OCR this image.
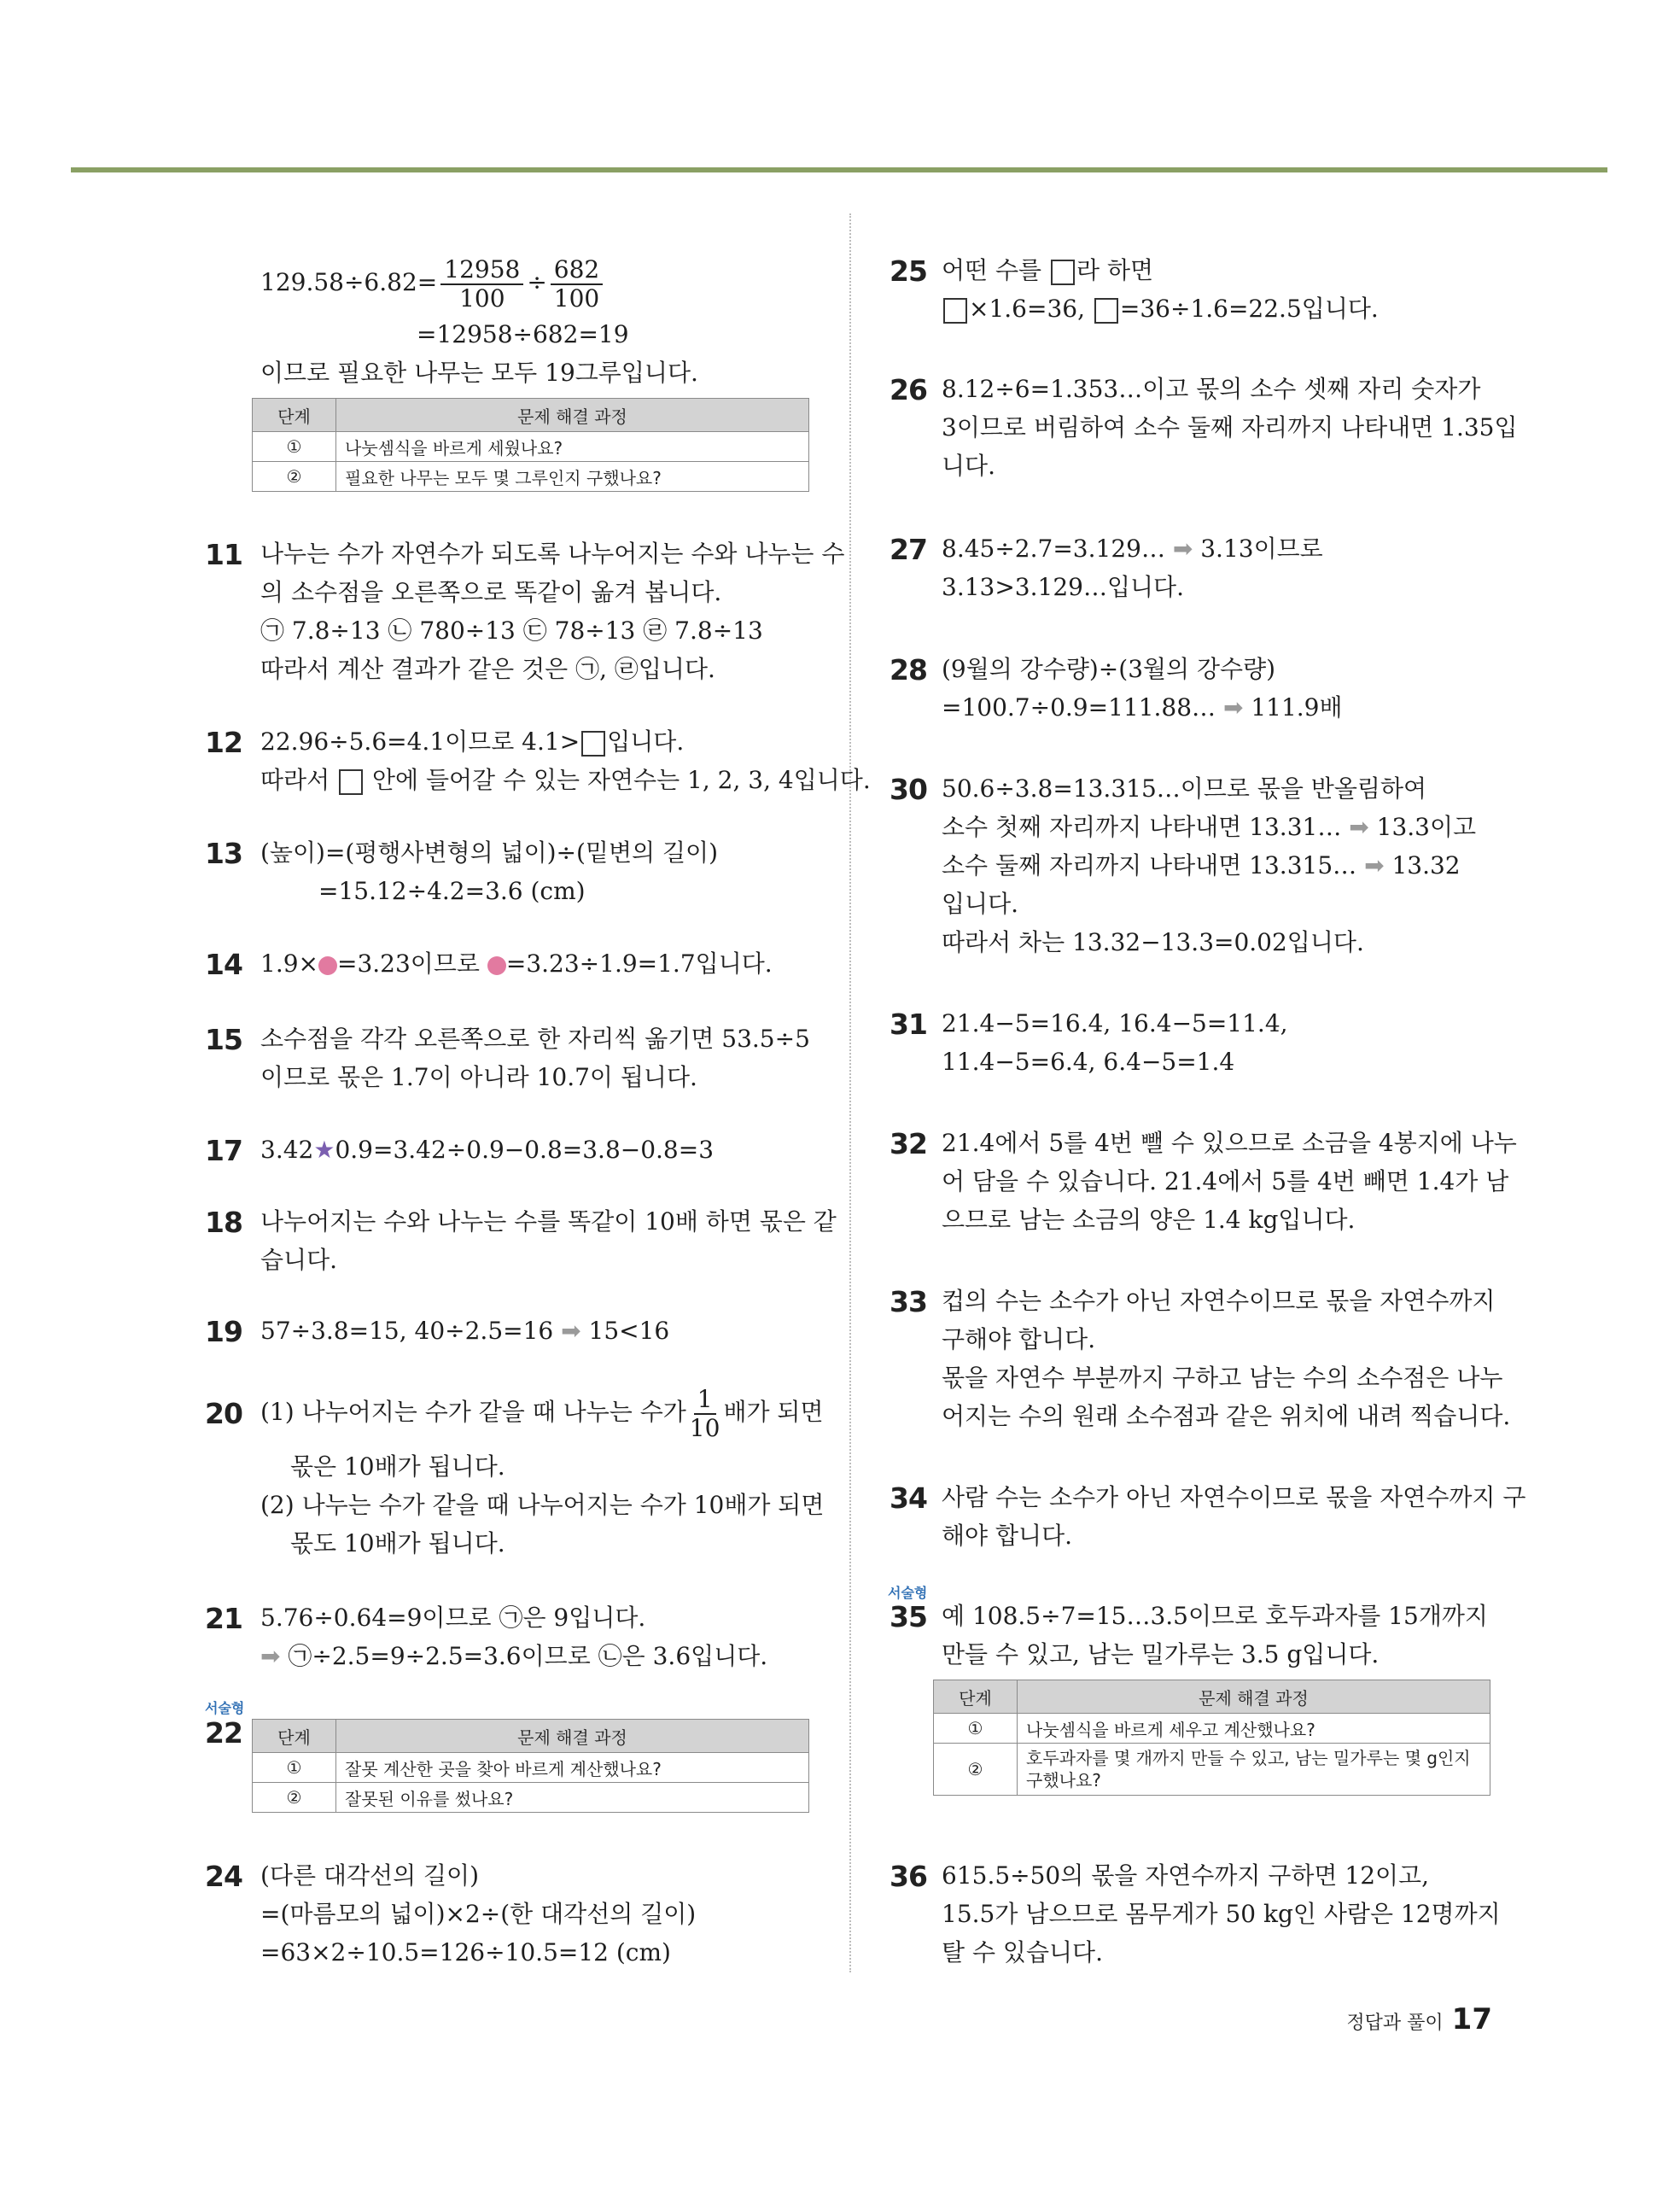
$129.58\div 6.82= \frac{12958}{100} \div \frac{682}{100}$
=12958÷682=19
이므로 필요한 나무는 모두 19그루입니다.
단계	문제 해결 과정
①	나눗셈식을 바르게 세웠나요?
②	필요한 나무는 모두 몇 그루인지 구했나요?
11 나누는 수가 자연수가 되도록 나누어지는 수와 나누는 수
의 소수점을 오른쪽으로 똑같이 옮겨 봅니다.
㉠ 7.8÷13 ㉡ 780÷13 ㉢ 78÷13 ㉣ 7.8÷13
따라서 계산 결과가 같은 것은 ㉠, ㉣입니다.
12 22.96÷5.6=4.1이므로 4.1> 입니다.
따라서 안에 들어갈 수 있는 자연수는 1, 2, 3, 4입니다.
13 (높이)=(평행사변형의 넓이)÷(밑변의 길이)
=15.12÷4.2=3.6 (cm)
14 1.9× =3.23이므로 =3.23÷1.9=1.7입니다.
15 소수점을 각각 오른쪽으로 한 자리씩 옮기면 53.5÷5
이므로 몫은 1.7이 아니라 10.7이 됩니다.
17 3.42★0.9=3.42÷0.9−0.8=3.8−0.8=3
18 나누어지는 수와 나누는 수를 똑같이 10배 하면 몫은 같
습니다.
19 57÷3.8=15, 40÷2.5=16 ➡ 15<16
20 (1) 나누어지는 수가 같을 때 나누는 수가 $\frac{1}{10}$ 배가 되면
몫은 10배가 됩니다.
(2) 나누는 수가 같을 때 나누어지는 수가 10배가 되면
몫도 10배가 됩니다.
21 5.76÷0.64=9이므로 ㉠은 9입니다.
➡ ㉠÷2.5=9÷2.5=3.6이므로 ㉡은 3.6입니다.
서술형
22 단계	문제 해결 과정
①	잘못 계산한 곳을 찾아 바르게 계산했나요?
②	잘못된 이유를 썼나요?
24 (다른 대각선의 길이)
=(마름모의 넓이)×2÷(한 대각선의 길이)
=63×2÷10.5=126÷10.5=12 (cm)
25 어떤 수를 라 하면
×1.6=36, =36÷1.6=22.5입니다.
26 8.12÷6=1.353…이고 몫의 소수 셋째 자리 숫자가
3이므로 버림하여 소수 둘째 자리까지 나타내면 1.35입
니다.
27 8.45÷2.7=3.129… ➡ 3.13이므로
3.13>3.129…입니다.
28 (9월의 강수량)÷(3월의 강수량)
=100.7÷0.9=111.88… ➡ 111.9배
30 50.6÷3.8=13.315…이므로 몫을 반올림하여
소수 첫째 자리까지 나타내면 13.31… ➡ 13.3이고
소수 둘째 자리까지 나타내면 13.315… ➡ 13.32
입니다.
따라서 차는 13.32−13.3=0.02입니다.
31 21.4−5=16.4, 16.4−5=11.4,
11.4−5=6.4, 6.4−5=1.4
32 21.4에서 5를 4번 뺄 수 있으므로 소금을 4봉지에 나누
어 담을 수 있습니다. 21.4에서 5를 4번 빼면 1.4가 남
으므로 남는 소금의 양은 1.4 kg입니다.
33 컵의 수는 소수가 아닌 자연수이므로 몫을 자연수까지
구해야 합니다.
몫을 자연수 부분까지 구하고 남는 수의 소수점은 나누
어지는 수의 원래 소수점과 같은 위치에 내려 찍습니다.
34 사람 수는 소수가 아닌 자연수이므로 몫을 자연수까지 구
해야 합니다.
서술형
35 예 108.5÷7=15…3.5이므로 호두과자를 15개까지
만들 수 있고, 남는 밀가루는 3.5 g입니다.
단계	문제 해결 과정
①	나눗셈식을 바르게 세우고 계산했나요?
②	호두과자를 몇 개까지 만들 수 있고, 남는 밀가루는 몇 g인지
구했나요?
36 615.5÷50의 몫을 자연수까지 구하면 12이고,
15.5가 남으므로 몸무게가 50 kg인 사람은 12명까지
탈 수 있습니다.
정답과 풀이 17
